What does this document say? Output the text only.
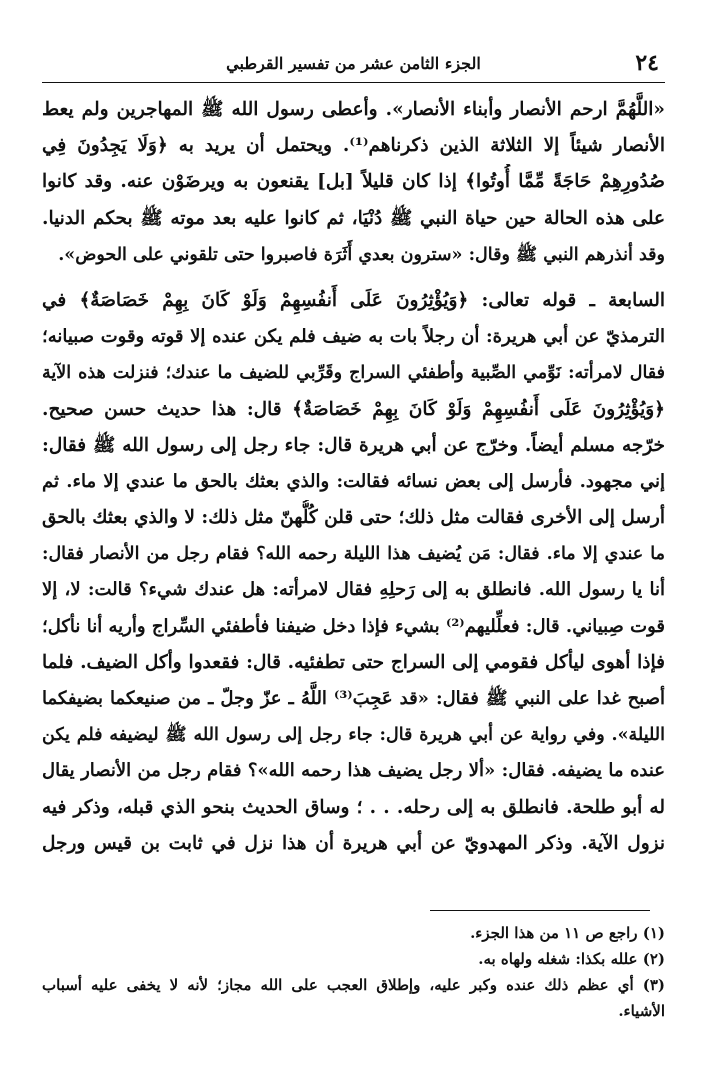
٢٤
الجزء الثامن عشر من تفسير القرطبي
«اللَّهُمَّ ارحم الأنصار وأبناء الأنصار». وأعطى رسول الله ﷺ المهاجرين ولم يعط
الأنصار شيئاً إلا الثلاثة الذين ذكرناهم⁽¹⁾. ويحتمل أن يريد به ﴿وَلَا يَجِدُونَ فِي
صُدُورِهِمْ حَاجَةً مِّمَّا أُوتُوا﴾ إذا كان قليلاً [بل] يقنعون به ويرضَوْن عنه. وقد كانوا
على هذه الحالة حين حياة النبي ﷺ دُنْيَا، ثم كانوا عليه بعد موته ﷺ بحكم الدنيا.
وقد أنذرهم النبي ﷺ وقال: «سترون بعدي أَثَرَة فاصبروا حتى تلقوني على الحوض».
السابعة ـ قوله تعالى: ﴿وَيُؤْثِرُونَ عَلَى أَنفُسِهِمْ وَلَوْ كَانَ بِهِمْ خَصَاصَةٌ﴾ في
الترمذيّ عن أبي هريرة: أن رجلاً بات به ضيف فلم يكن عنده إلا قوته وقوت صبيانه؛
فقال لامرأته: نَوِّمي الصِّبية وأطفئي السراج وقَرِّبي للضيف ما عندك؛ فنزلت هذه الآية
﴿وَيُؤْثِرُونَ عَلَى أَنفُسِهِمْ وَلَوْ كَانَ بِهِمْ خَصَاصَةٌ﴾ قال: هذا حديث حسن صحيح.
خرّجه مسلم أيضاً. وخرّج عن أبي هريرة قال: جاء رجل إلى رسول الله ﷺ فقال:
إني مجهود. فأرسل إلى بعض نسائه فقالت: والذي بعثك بالحق ما عندي إلا ماء. ثم
أرسل إلى الأخرى فقالت مثل ذلك؛ حتى قلن كُلُّهنّ مثل ذلك: لا والذي بعثك بالحق
ما عندي إلا ماء. فقال: مَن يُضيف هذا الليلة رحمه الله؟ فقام رجل من الأنصار فقال:
أنا يا رسول الله. فانطلق به إلى رَحلِهِ فقال لامرأته: هل عندك شيء؟ قالت: لا، إلا
قوت صِبياني. قال: فعلِّليهم⁽²⁾ بشيء فإذا دخل ضيفنا فأطفئي السِّراج وأريه أنا نأكل؛
فإذا أهوى ليأكل فقومي إلى السراج حتى تطفئيه. قال: فقعدوا وأكل الضيف. فلما
أصبح غدا على النبي ﷺ فقال: «قد عَجِبَ⁽³⁾ اللَّهُ ـ عزّ وجلّ ـ من صنيعكما بضيفكما
الليلة». وفي رواية عن أبي هريرة قال: جاء رجل إلى رسول الله ﷺ ليضيفه فلم يكن
عنده ما يضيفه. فقال: «ألا رجل يضيف هذا رحمه الله»؟ فقام رجل من الأنصار يقال
له أبو طلحة. فانطلق به إلى رحله. . . ؛ وساق الحديث بنحو الذي قبله، وذكر فيه
نزول الآية. وذكر المهدويّ عن أبي هريرة أن هذا نزل في ثابت بن قيس ورجل
(١) راجع ص ١١ من هذا الجزء.
(٢) علله بكذا: شغله ولهاه به.
(٣) أي عظم ذلك عنده وكبر عليه، وإطلاق العجب على الله مجاز؛ لأنه لا يخفى عليه أسباب
الأشياء.
